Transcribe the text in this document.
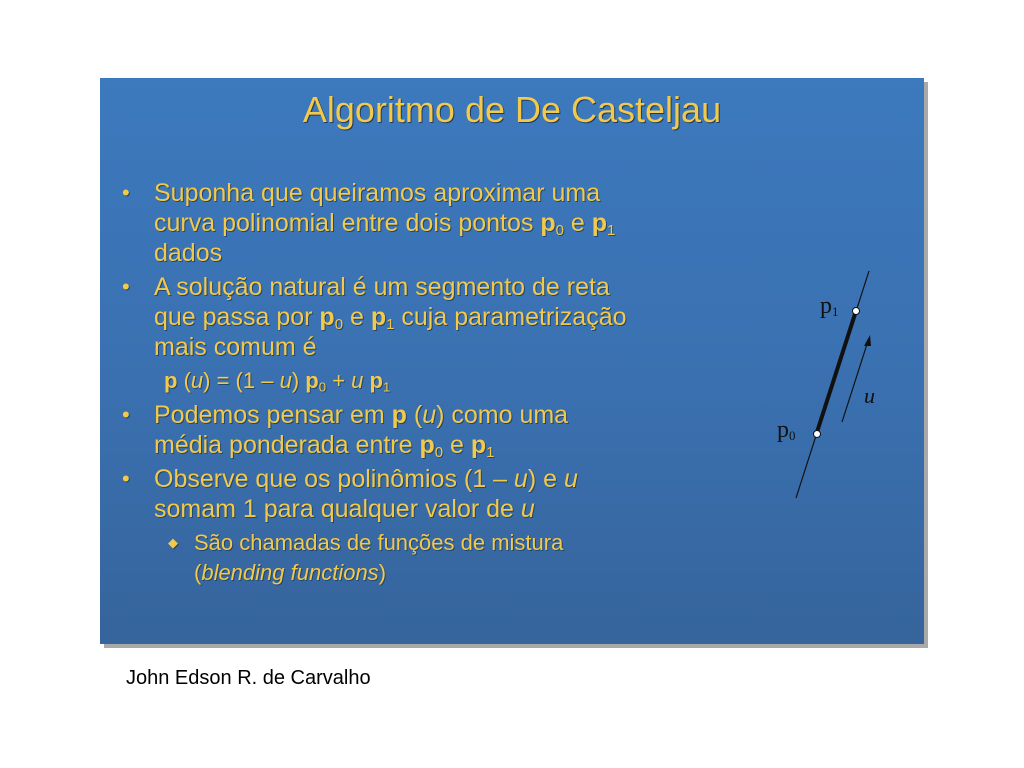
Algoritmo de De Casteljau
• Suponha que queiramos aproximar uma
curva polinomial entre dois pontos $p_0$ e $p_1$
dados
• A solução natural é um segmento de reta
que passa por $p_0$ e $p_1$ cuja parametrização
mais comum é
p (u) = (1 – u) $p_0 + u$ $p_1$
• Podemos pensar em p (u) como uma
média ponderada entre $p_0$ e $p_1$
• Observe que os polinômios (1 – u) e u
somam 1 para qualquer valor de u
◆ São chamadas de funções de mistura
(blending functions)
p1
p0
u
John Edson R. de Carvalho
